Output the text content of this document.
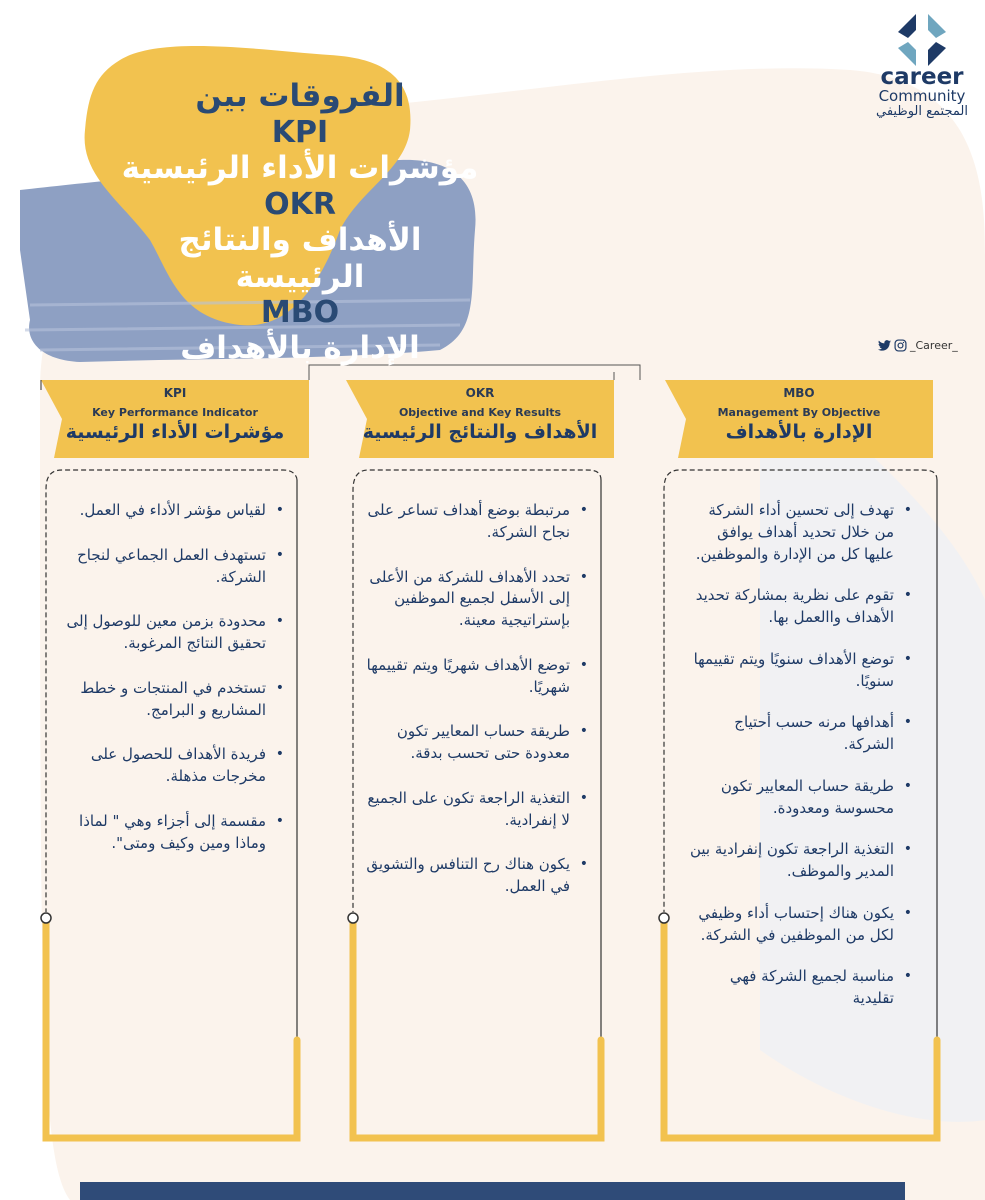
الفروقات بين
KPI
مؤشرات الأداء الرئيسية
OKR
الأهداف والنتائج الرئييسة
MBO
الإدارة بالأهداف
career
Community
المجتمع الوظيفي
_Career_
KPI
Key Performance Indicator
مؤشرات الأداء الرئيسية
OKR
Objective and Key Results
الأهداف والنتائج الرئيسية
MBO
Management By Objective
الإدارة بالأهداف
• لقياس مؤشر الأداء في العمل.
• تستهدف العمل الجماعي لنجاح الشركة.
• محدودة بزمن معين للوصول إلى تحقيق النتائج المرغوبة.
• تستخدم في المنتجات و خطط المشاريع و البرامج.
• فريدة الأهداف للحصول على مخرجات مذهلة.
• مقسمة إلى أجزاء وهي " لماذا وماذا ومين وكيف ومتى".
• مرتبطة بوضع أهداف تساعر على نجاح الشركة.
• تحدد الأهداف للشركة من الأعلى إلى الأسفل لجميع الموظفين بإستراتيجية معينة.
• توضع الأهداف شهريًا ويتم تقييمها شهريًا.
• طريقة حساب المعايير تكون معدودة حتى تحسب بدقة.
• التغذية الراجعة تكون على الجميع لا إنفرادية.
• يكون هناك رح التنافس والتشويق في العمل.
• تهدف إلى تحسين أداء الشركة من خلال تحديد أهداف يوافق عليها كل من الإدارة والموظفين.
• تقوم على نظرية بمشاركة تحديد الأهداف واالعمل بها.
• توضع الأهداف سنويًا ويتم تقييمها سنويًا.
• أهدافها مرنه حسب أحتياج الشركة.
• طريقة حساب المعايير تكون محسوسة ومعدودة.
• التغذية الراجعة تكون إنفرادية بين المدير والموظف.
• يكون هناك إحتساب أداء وظيفي لكل من الموظفين في الشركة.
• مناسبة لجميع الشركة فهي تقليدية
